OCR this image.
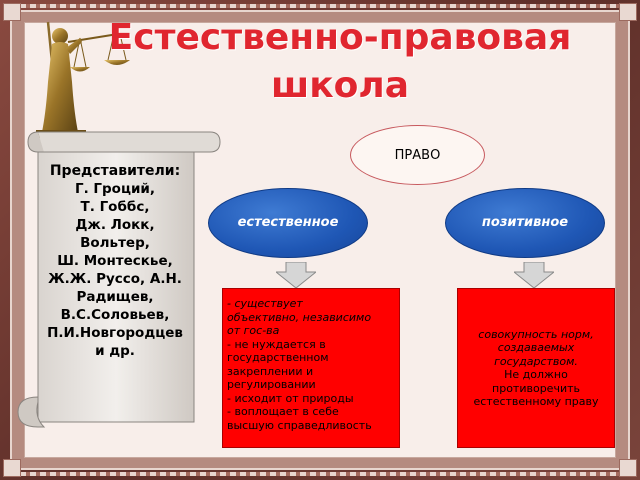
Естественно-правовая
школа

Представители:

Г. Гроций,
Т. Гоббс,
Дж. Локк,
Вольтер,
Ш. Монтескье,
Ж.Ж. Руссо, А.Н.
Радищев,
В.С.Соловьев,
П.И.Новгородцев
и др.
ПРАВО
естественное	позитивное
- существует
объективно, независимо
от гос-ва
- не нуждается в
государственном
закреплении и
регулировании
- исходит от природы
- воплощает в себе
высшую справедливость
совокупность норм,
создаваемых
государством.
Не должно
противоречить
естественному праву
